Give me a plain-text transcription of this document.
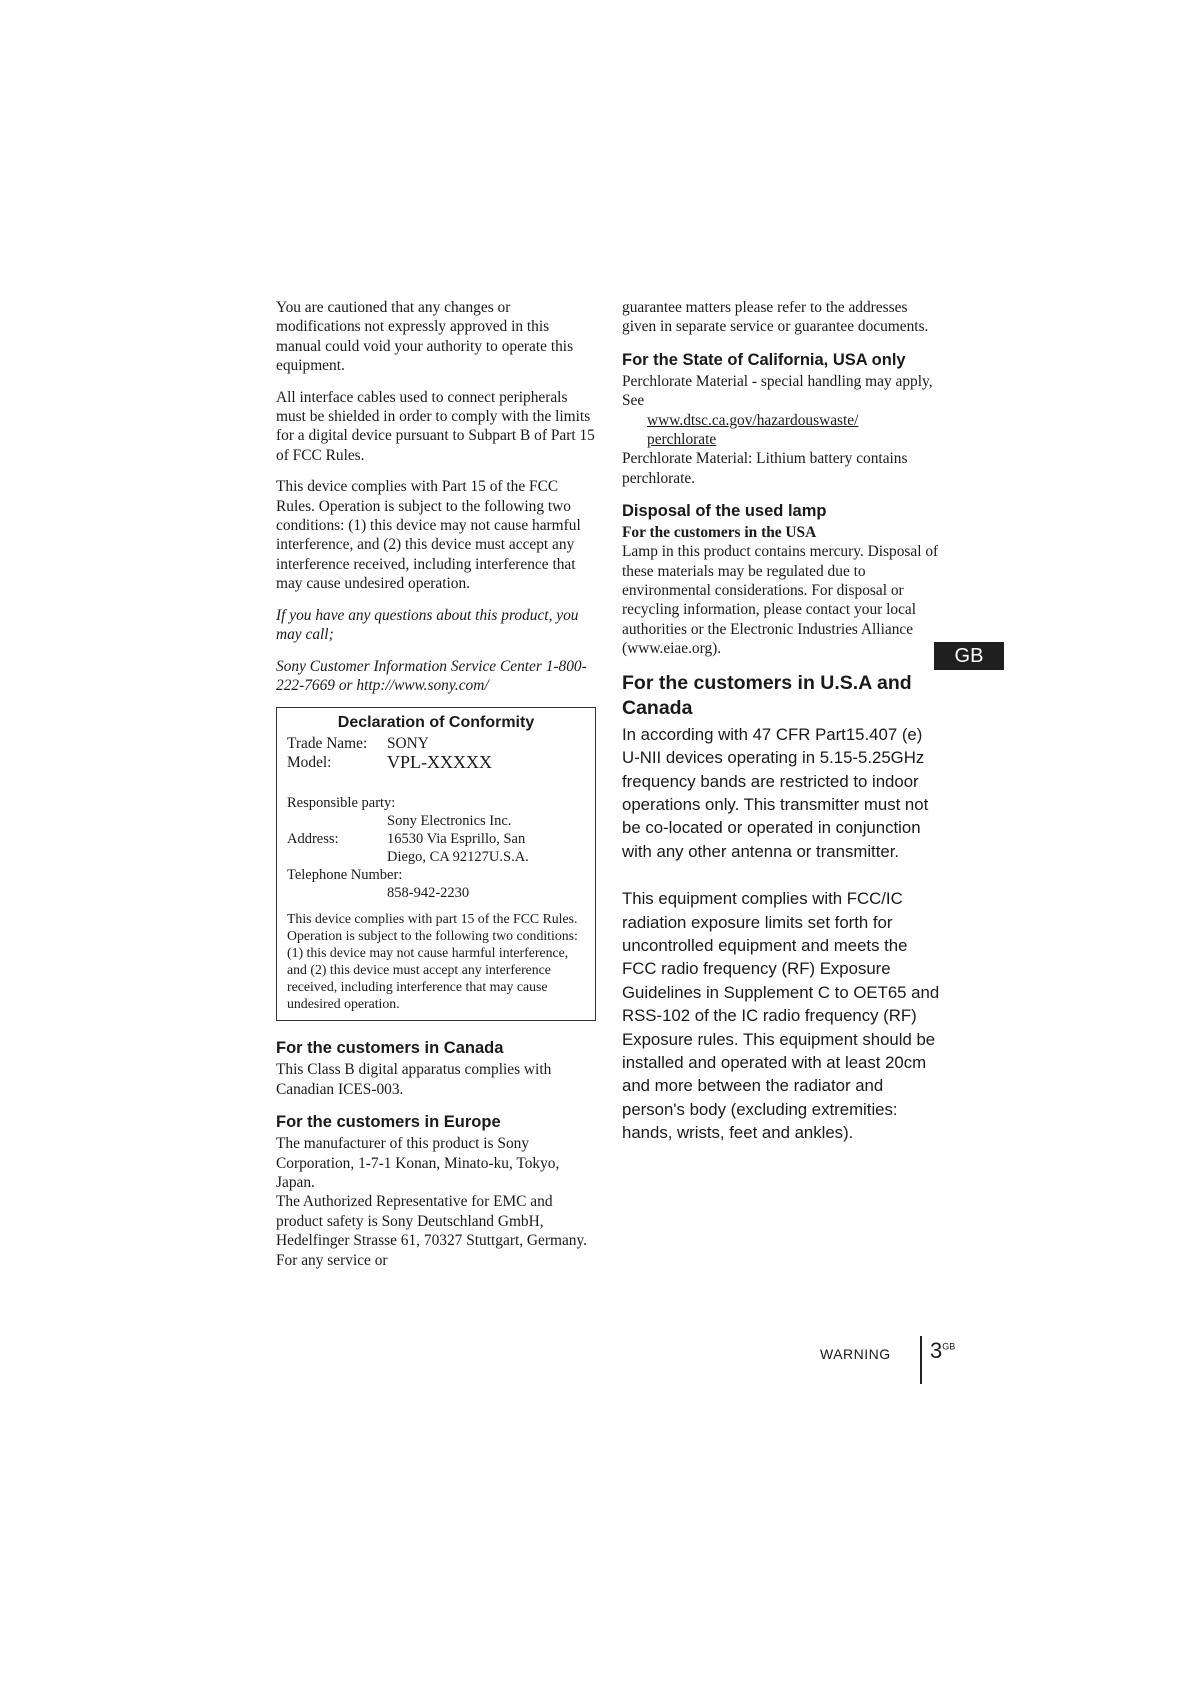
You are cautioned that any changes or modifications not expressly approved in this manual could void your authority to operate this equipment.

All interface cables used to connect peripherals must be shielded in order to comply with the limits for a digital device pursuant to Subpart B of Part 15 of FCC Rules.

This device complies with Part 15 of the FCC Rules. Operation is subject to the following two conditions: (1) this device may not cause harmful interference, and (2) this device must accept any interference received, including interference that may cause undesired operation.

If you have any questions about this product, you may call;

Sony Customer Information Service Center 1-800-222-7669 or http://www.sony.com/

Declaration of Conformity
Trade Name:	SONY
Model:	VPL-XXXXX
Responsible party:
Sony Electronics Inc.
Address:	16530 Via Esprillo, San
Diego, CA 92127U.S.A.
Telephone Number:
858-942-2230
This device complies with part 15 of the FCC Rules. Operation is subject to the following two conditions: (1) this device may not cause harmful interference, and (2) this device must accept any interference received, including interference that may cause undesired operation.
For the customers in Canada

This Class B digital apparatus complies with Canadian ICES-003.

For the customers in Europe

The manufacturer of this product is Sony Corporation, 1-7-1 Konan, Minato-ku, Tokyo, Japan.

The Authorized Representative for EMC and product safety is Sony Deutschland GmbH, Hedelfinger Strasse 61, 70327 Stuttgart, Germany. For any service or

guarantee matters please refer to the addresses given in separate service or guarantee documents.

For the State of California, USA only

Perchlorate Material - special handling may apply, See

www.dtsc.ca.gov/hazardouswaste/
perchlorate

Perchlorate Material: Lithium battery contains perchlorate.

Disposal of the used lamp
For the customers in the USA

Lamp in this product contains mercury. Disposal of these materials may be regulated due to environmental considerations. For disposal or recycling information, please contact your local authorities or the Electronic Industries Alliance (www.eiae.org).

For the customers in U.S.A and Canada

In according with 47 CFR Part15.407 (e) U-NII devices operating in 5.15-5.25GHz frequency bands are restricted to indoor operations only. This transmitter must not be co-located or operated in conjunction with any other antenna or transmitter.

This equipment complies with FCC/IC radiation exposure limits set forth for uncontrolled equipment and meets the FCC radio frequency (RF) Exposure Guidelines in Supplement C to OET65 and RSS-102 of the IC radio frequency (RF) Exposure rules. This equipment should be installed and operated with at least 20cm and more between the radiator and person's body (excluding extremities: hands, wrists, feet and ankles).

GB
WARNING $3^{GB}$
